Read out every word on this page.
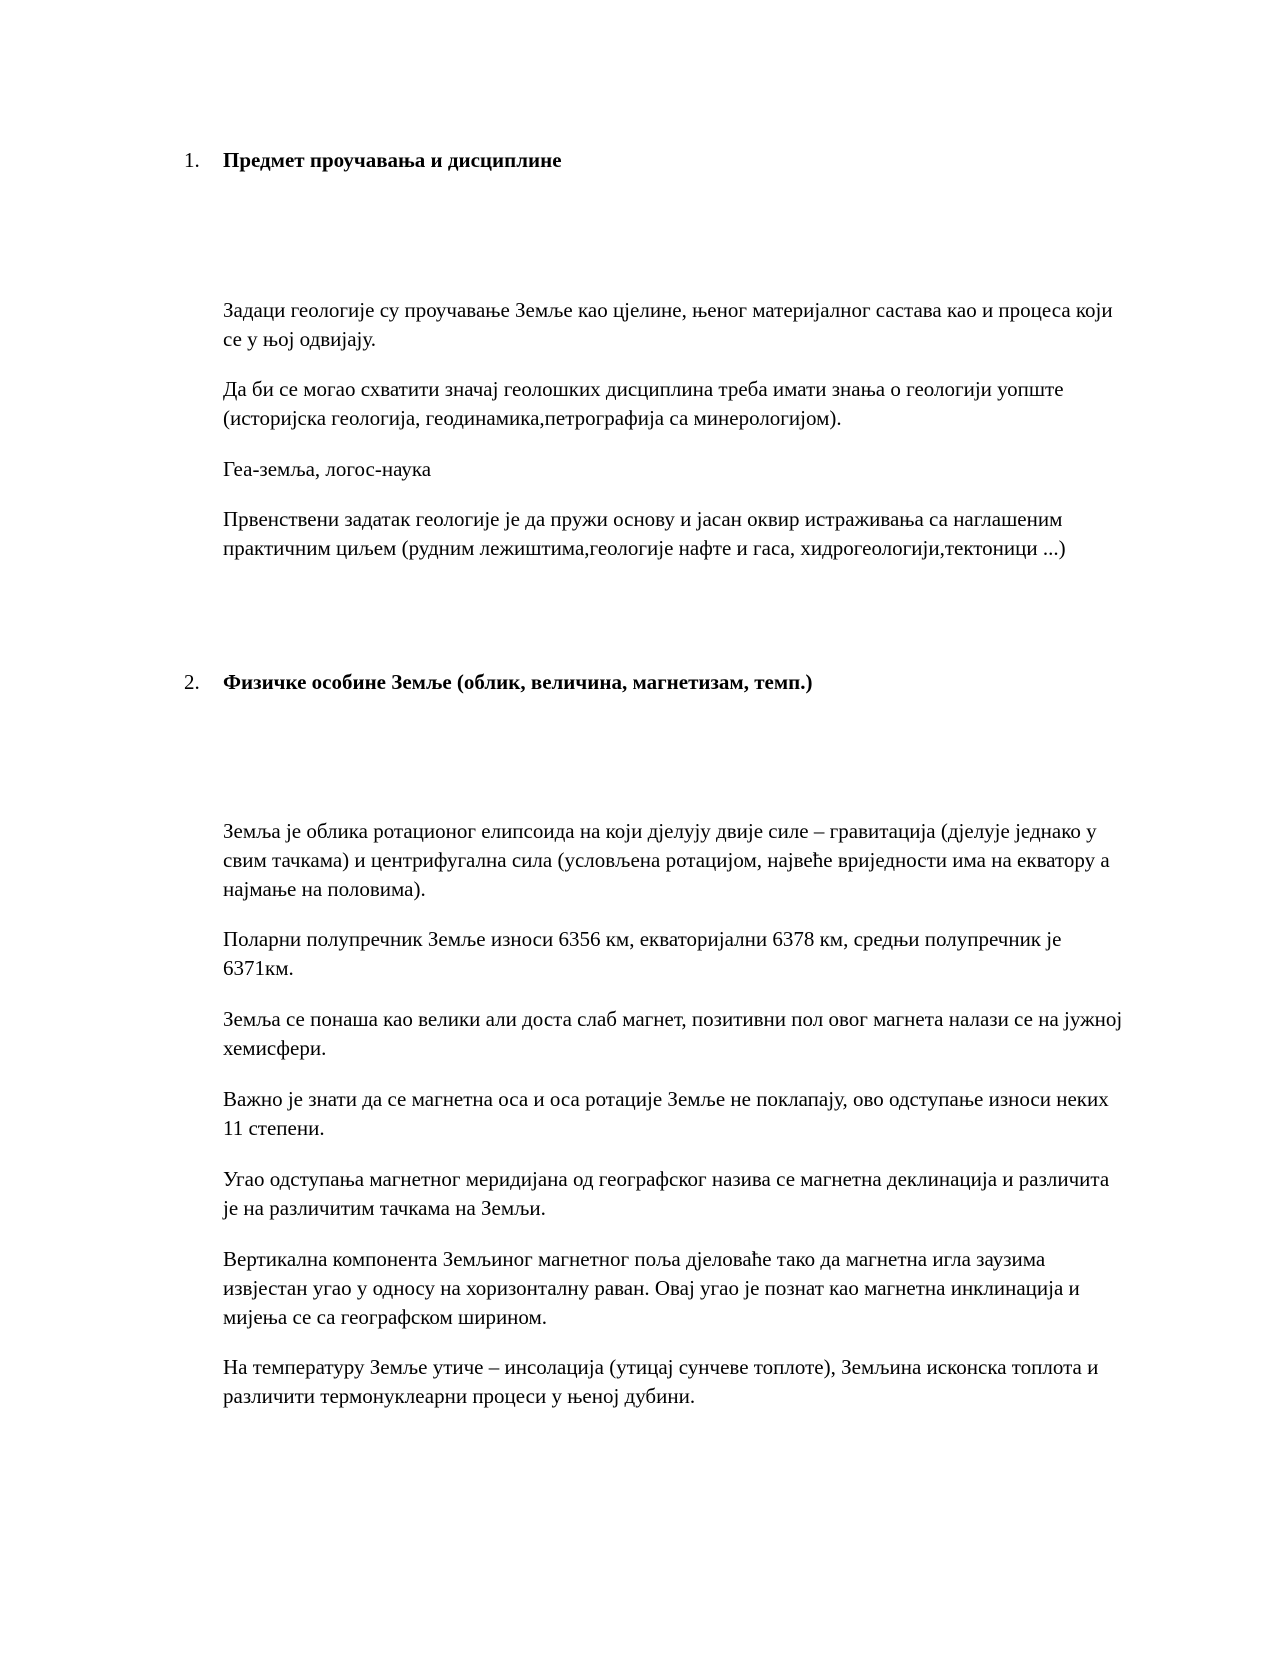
1. Предмет проучавања и дисциплине

Задаци геологије су проучавање Земље као цјелине, њеног материјалног састава као и процеса који се у њој одвијају.

Да би се могао схватити значај геолошких дисциплина треба имати знања о геологији уопште (историјска геологија, геодинамика,петрографија са минерологијом).

Геа-земља, логос-наука

Првенствени задатак геологије је да пружи основу и јасан оквир истраживања са наглашеним практичним циљем (рудним лежиштима,геологије нафте и гаса, хидрогеологији,тектоници ...)

2. Физичке особине Земље (облик, величина, магнетизам, темп.)

Земља је облика ротационог елипсоида на који дјелују двије силе – гравитација (дјелује једнако у свим тачкама) и центрифугална сила (условљена ротацијом, највеће вриједности има на екватору а најмање на половима).

Поларни полупречник Земље износи 6356 км, екваторијални 6378 км, средњи полупречник је 6371км.

Земља се понаша као велики али доста слаб магнет, позитивни пол овог магнета налази се на јужној хемисфери.

Важно је знати да се магнетна оса и оса ротације Земље не поклапају, ово одступање износи неких 11 степени.

Угао одступања магнетног меридијана од географског назива се магнетна деклинација и различита је на различитим тачкама на Земљи.

Вертикална компонента Земљиног магнетног поља дјеловаће тако да магнетна игла заузима извјестан угао у односу на хоризонталну раван. Овај угао је познат као магнетна инклинација и мијења се са географском ширином.

На температуру Земље утиче – инсолација (утицај сунчеве топлоте), Земљина исконска топлота и различити термонуклеарни процеси у њеној дубини.
